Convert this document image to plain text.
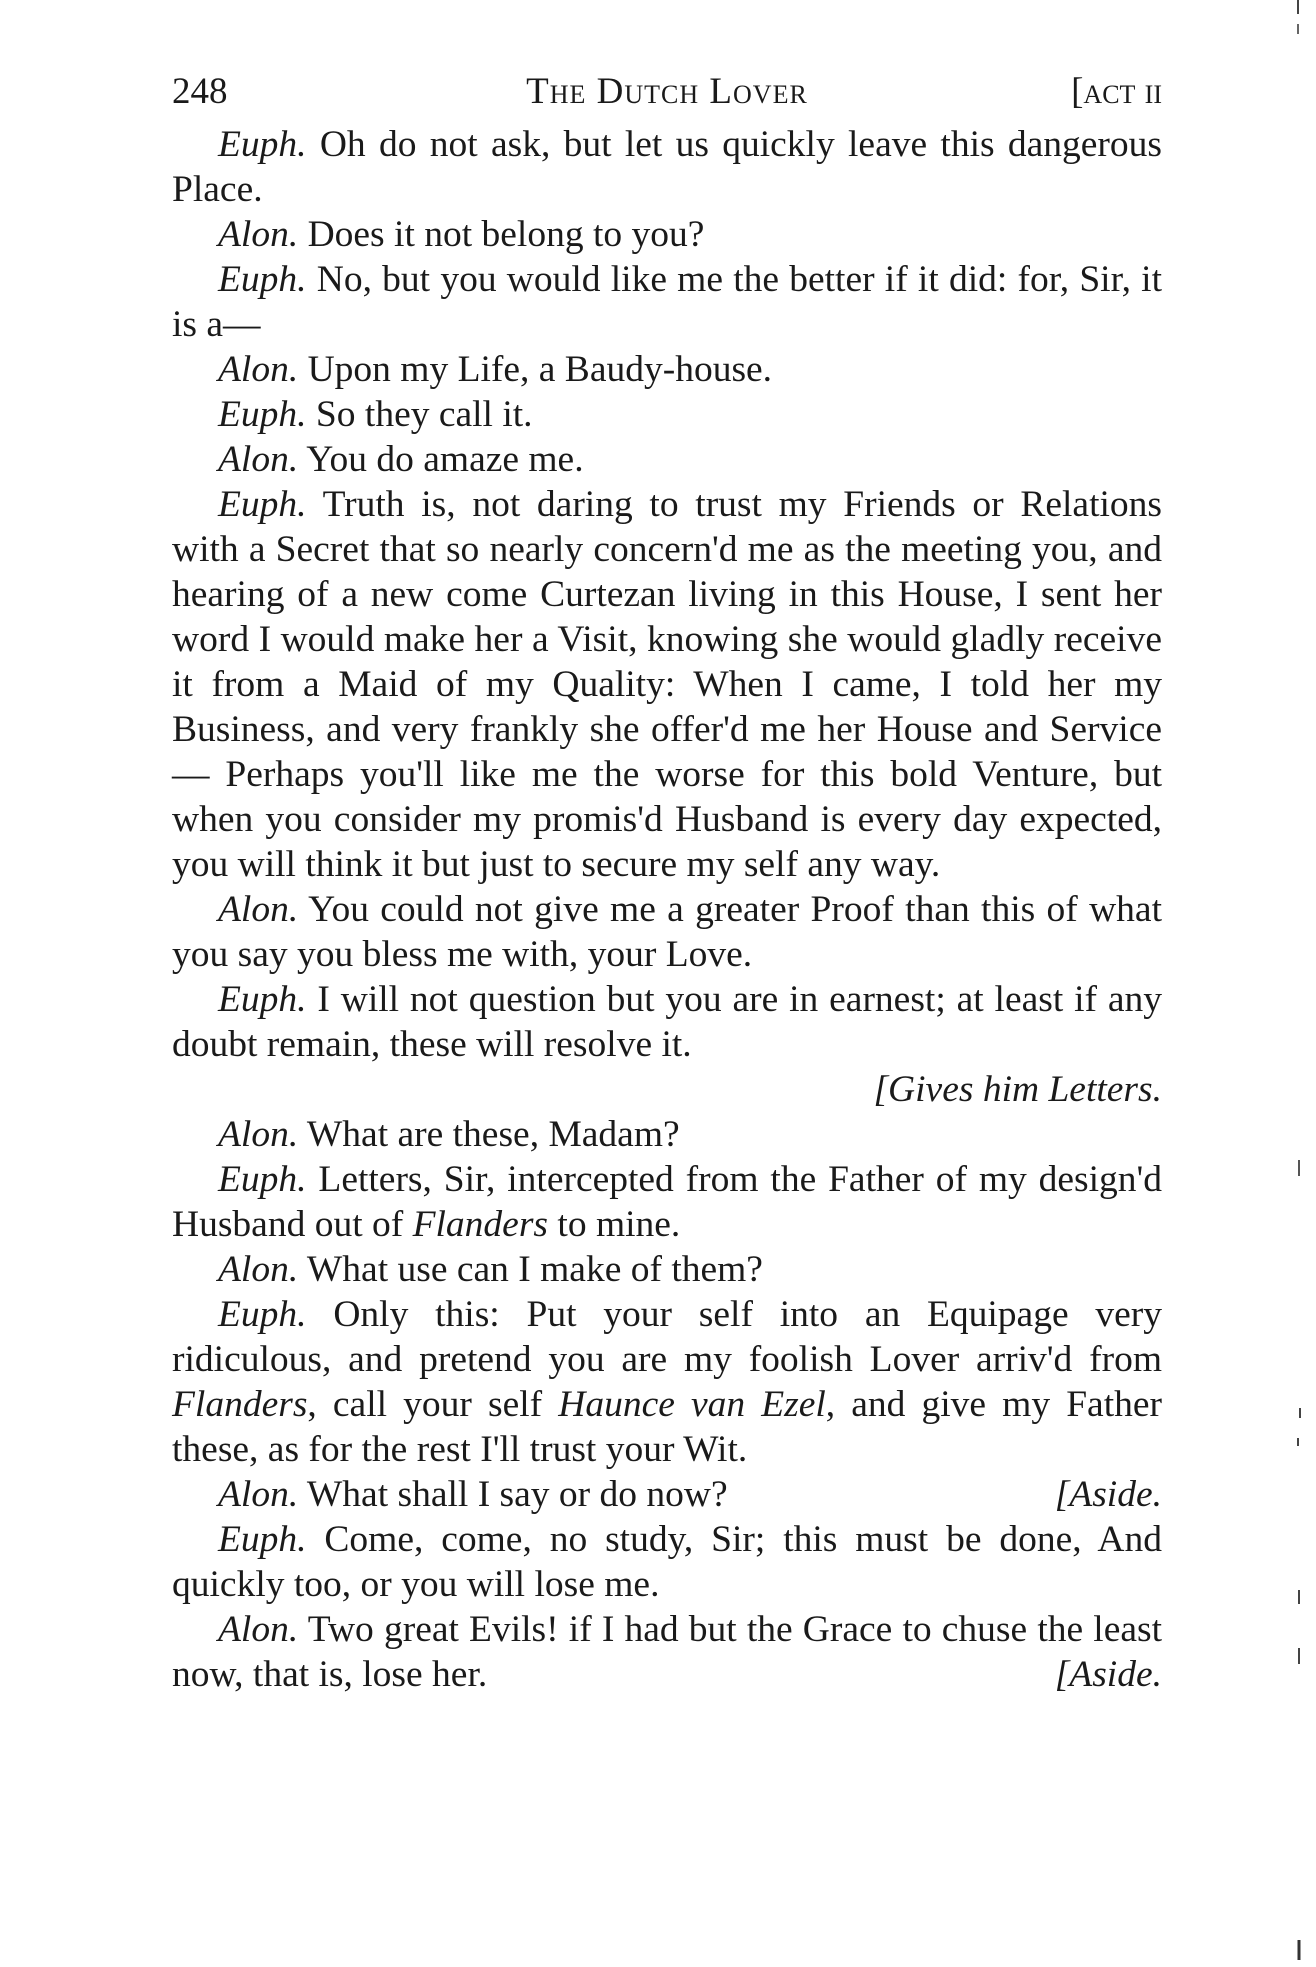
248	The Dutch Lover	[act ii

Euph. Oh do not ask, but let us quickly leave this dangerous Place.

Alon. Does it not belong to you?

Euph. No, but you would like me the better if it did: for, Sir, it is a—

Alon. Upon my Life, a Baudy-house.

Euph. So they call it.

Alon. You do amaze me.

Euph. Truth is, not daring to trust my Friends or Relations with a Secret that so nearly concern'd me as the meeting you, and hearing of a new come Curtezan living in this House, I sent her word I would make her a Visit, knowing she would gladly receive it from a Maid of my Quality: When I came, I told her my Business, and very frankly she offer'd me her House and Service— Perhaps you'll like me the worse for this bold Venture, but when you consider my promis'd Husband is every day expected, you will think it but just to secure my self any way.

Alon. You could not give me a greater Proof than this of what you say you bless me with, your Love.

Euph. I will not question but you are in earnest; at least if any doubt remain, these will resolve it.

[Gives him Letters.

Alon. What are these, Madam?

Euph. Letters, Sir, intercepted from the Father of my design'd Husband out of Flanders to mine.

Alon. What use can I make of them?

Euph. Only this: Put your self into an Equipage very ridiculous, and pretend you are my foolish Lover arriv'd from Flanders, call your self Haunce van Ezel, and give my Father these, as for the rest I'll trust your Wit.

[Aside.
Alon. What shall I say or do now?

Euph. Come, come, no study, Sir; this must be done, And quickly too, or you will lose me.

Alon. Two great Evils! if I had but the Grace to chuse the least now, that is, lose her.	[Aside.
